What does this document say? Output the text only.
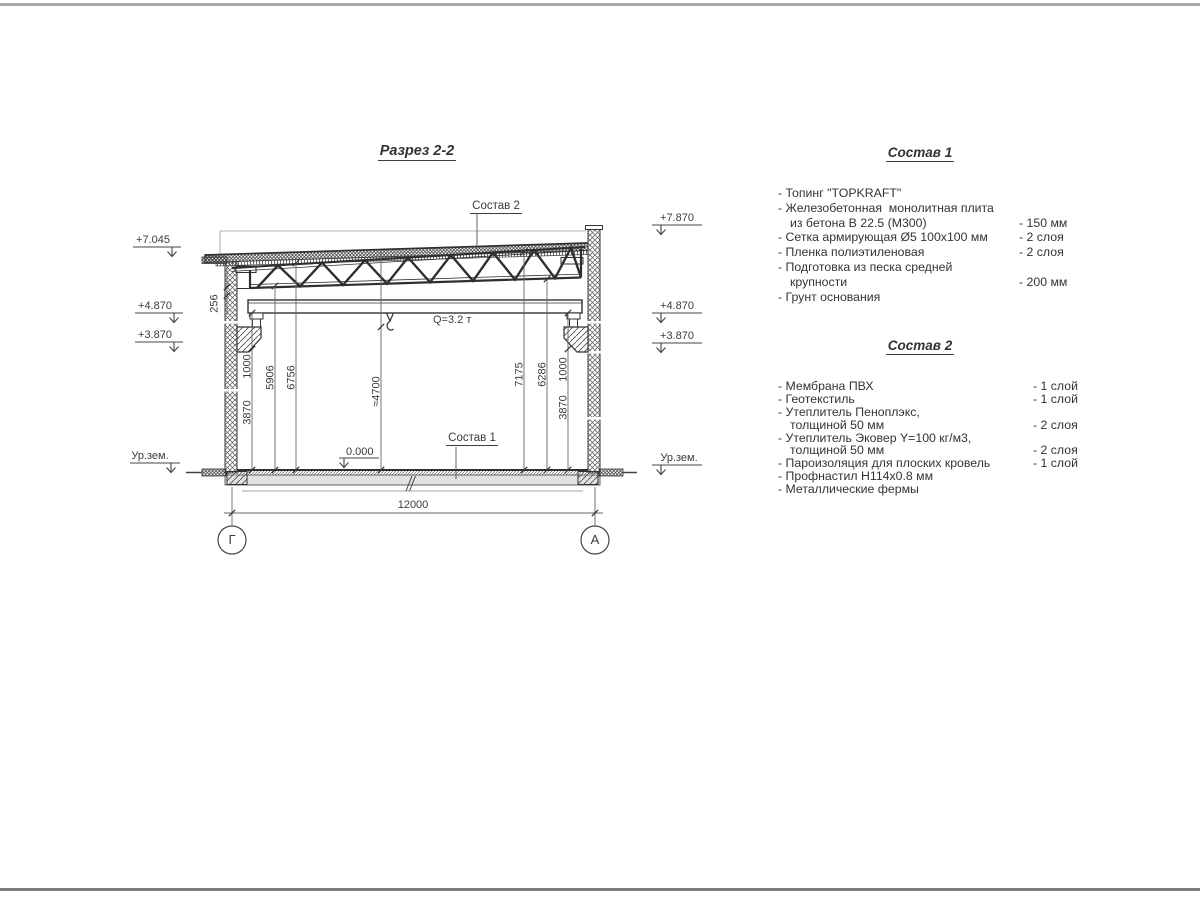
Разрез 2-2
Состав 2
Состав 1
Q=3.2 т
0.000
12000
+7.045
+4.870
+3.870
Ур.зем.
+7.870
+4.870
+3.870
Ур.зем.
256
1000
3870
5906 6756	≈4700
7175 6286 1000
3870
Г	А
Состав 1
- Топинг "TOPKRAFT"
- Железобетонная  монолитная плита
из бетона В 22.5 (М300)	- 150 мм
- Сетка армирующая Ø5 100х100 мм	- 2 слоя
- Пленка полиэтиленовая	- 2 слоя
- Подготовка из песка средней
крупности	- 200 мм
- Грунт основания
Состав 2
- Мембрана ПВХ	- 1 слой
- Геотекстиль	- 1 слой
- Утеплитель Пеноплэкс,
толщиной 50 мм	- 2 слоя
- Утеплитель Эковер Y=100 кг/м3,
толщиной 50 мм	- 2 слоя
- Пароизоляция для плоских кровель	- 1 слой
- Профнастил Н114х0.8 мм
- Металлические фермы
